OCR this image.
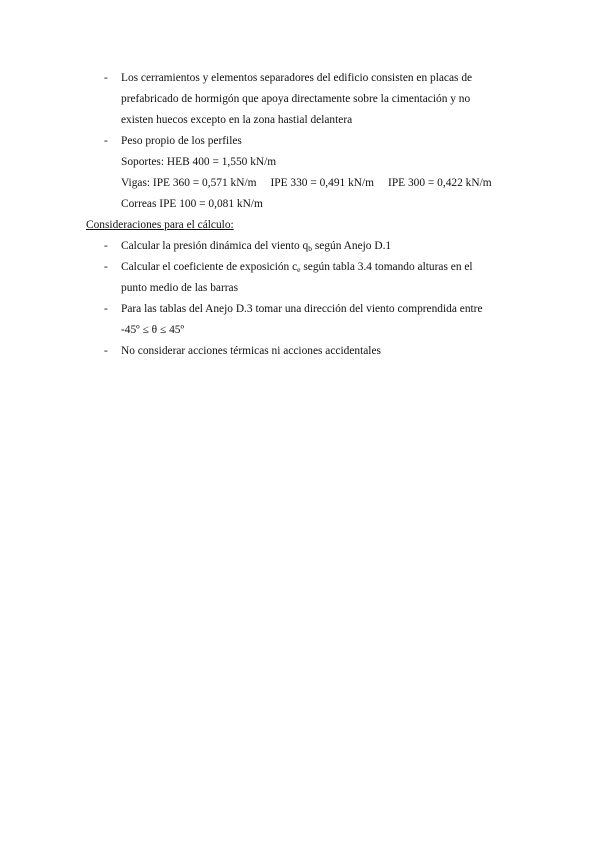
- Los cerramientos y elementos separadores del edificio consisten en placas de
prefabricado de hormigón que apoya directamente sobre la cimentación y no
existen huecos excepto en la zona hastial delantera
- Peso propio de los perfiles
Soportes: HEB 400 = 1,550 kN/m
Vigas: IPE 360 = 0,571 kN/m IPE 330 = 0,491 kN/m IPE 300 = 0,422 kN/m
Correas IPE 100 = 0,081 kN/m
Consideraciones para el cálculo:
- Calcular la presión dinámica del viento $q_b$ según Anejo D.1
- Calcular el coeficiente de exposición $c_e$ según tabla 3.4 tomando alturas en el
punto medio de las barras
- Para las tablas del Anejo D.3 tomar una dirección del viento comprendida entre
-45º ≤ θ ≤ 45º
- No considerar acciones térmicas ni acciones accidentales
